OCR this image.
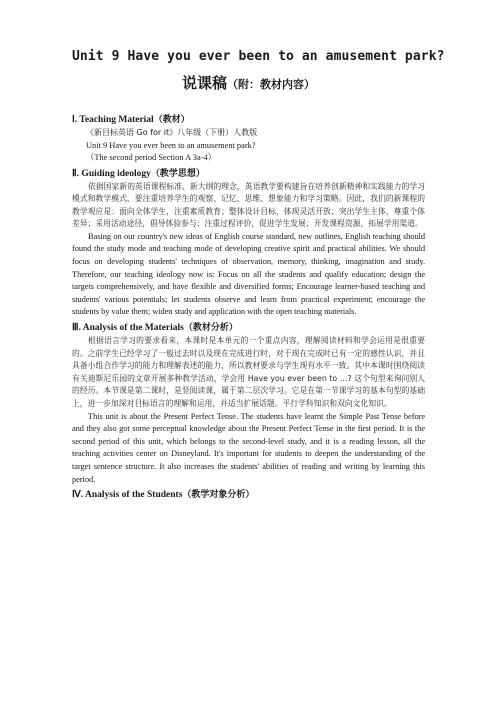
Unit 9 Have you ever been to an amusement park?
说课稿（附：教材内容）
Ⅰ. Teaching Material（教材）
《新目标英语 Go for it》八年级（下册）人教版
Unit 9 Have you ever been to an amusement park?
（The second period Section A 3a-4）
Ⅱ. Guiding ideology（教学思想）

依据国家新的英语课程标准、新大纲的理念，英语教学要构建旨在培养创新精神和实践能力的学习模式和教学模式，要注重培养学生的观察、记忆、思维、想象能力和学习策略。因此，我们的新课程的教学观应是：面向全体学生，注重素质教育；整体设计目标，体现灵活开放；突出学生主体，尊重个体差异；采用活动途径，倡导体验参与；注重过程评价，促进学生发展；开发课程资源，拓展学用渠道。

Basing on our country's new ideas of English course standard, new outlines, English teaching should found the study mode and teaching mode of developing creative spirit and practical abilities. We should focus on developing students' techniques of observation, memory, thinking, imagination and study. Therefore, our teaching ideology now is: Focus on all the students and qualify education; design the targets comprehensively, and have flexible and diversified forms; Encourage learner-based teaching and students' various potentials; let students observe and learn from practical experiment; encourage the students by value them; widen study and application with the open teaching materials.

Ⅲ. Analysis of the Materials（教材分析）

根据语言学习的要求看来，本课时是本单元的一个重点内容，理解阅读材料和学会运用是很重要的。之前学生已经学习了一般过去时以及现在完成进行时，对于现在完成时已有一定的感性认识，并且具备小组合作学习的能力和理解表述的能力，所以教材要求与学生现有水平一致。其中本课时围绕阅读有关迪斯尼乐园的文章开展多种教学活动，学会用 Have you ever been to …? 这个句型来询问别人的经历。本节课是第二课时，是竖阅读课，属于第二层次学习。它是在第一节课学习的基本句型的基础上，进一步加深对目标语言的理解和运用，并适当扩展话题。平行学科知识和双向文化知识。

This unit is about the Present Perfect Tense. The students have learnt the Simple Past Tense before and they also got some perceptual knowledge about the Present Perfect Tense in the first period. It is the second period of this unit, which belongs to the second-level study, and it is a reading lesson, all the teaching activities center on Disneyland. It's important for students to deepen the understanding of the target sentence structure. It also increases the students' abilities of reading and writing by learning this period.

Ⅳ. Analysis of the Students（教学对象分析）
